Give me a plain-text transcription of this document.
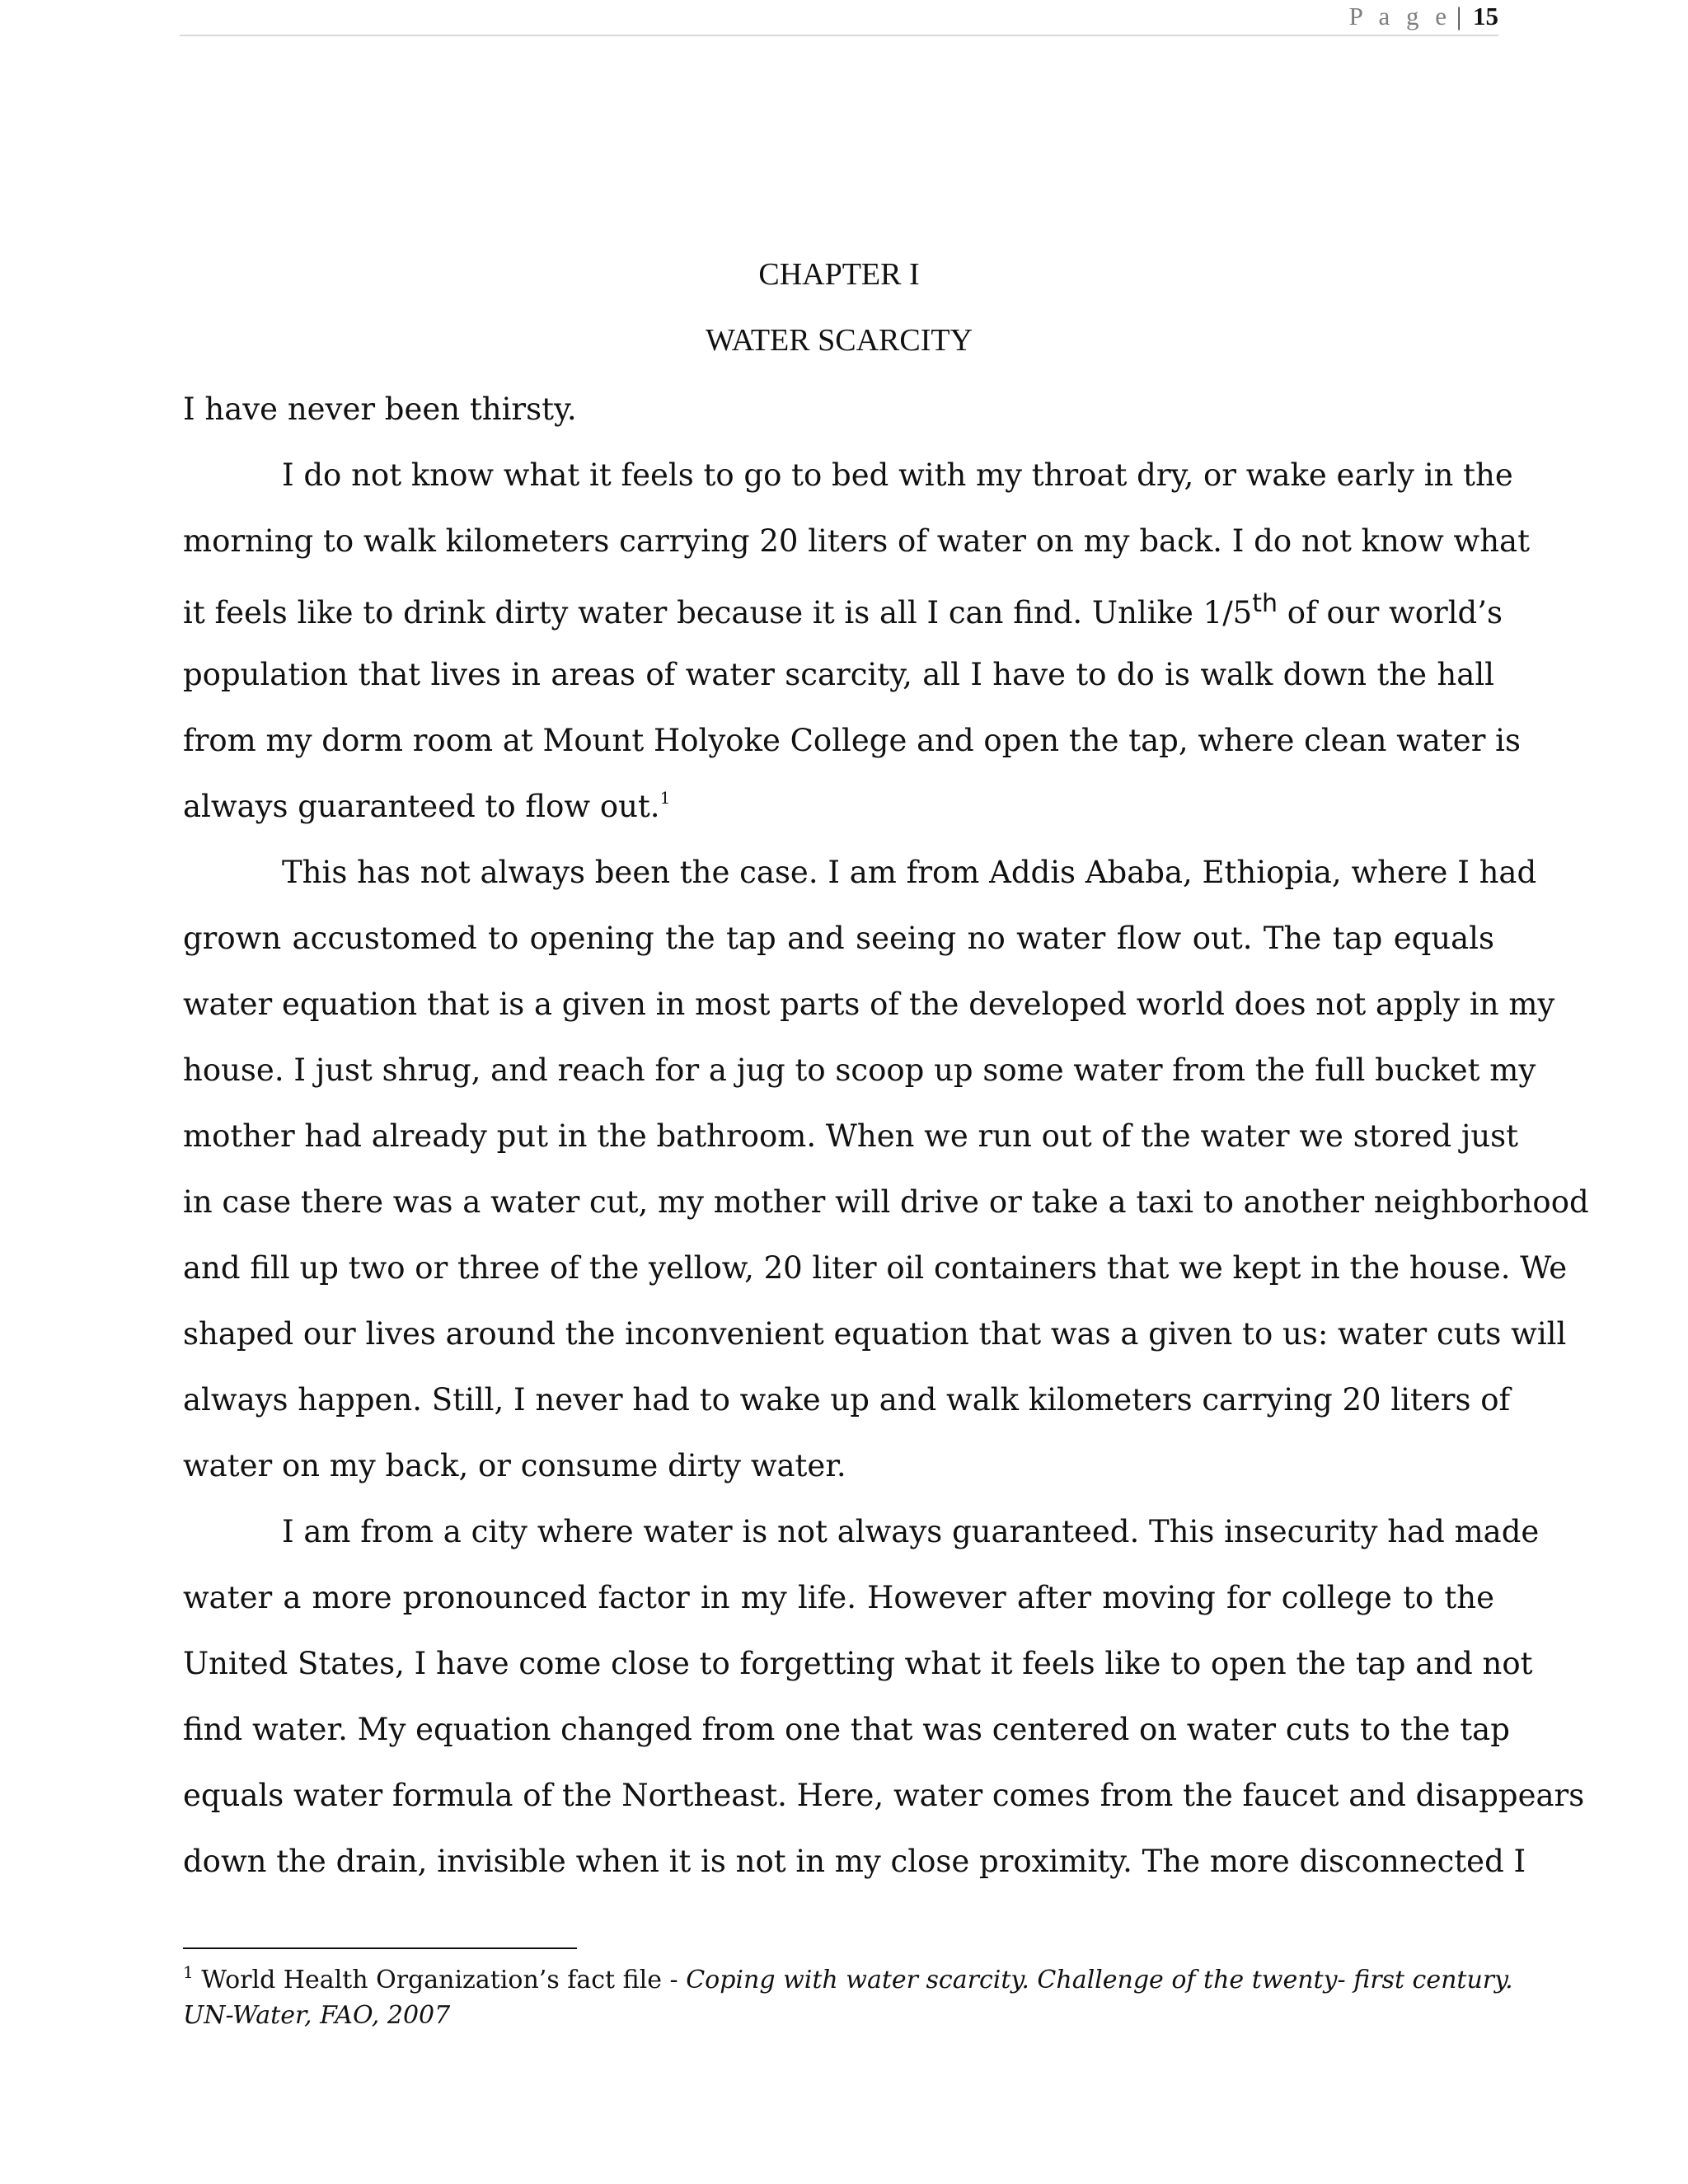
P a g e | 15
CHAPTER I
WATER SCARCITY
I have never been thirsty.
I do not know what it feels to go to bed with my throat dry, or wake early in the
morning to walk kilometers carrying 20 liters of water on my back. I do not know what
it feels like to drink dirty water because it is all I can find. Unlike 1/5th of our world’s
population that lives in areas of water scarcity, all I have to do is walk down the hall
from my dorm room at Mount Holyoke College and open the tap, where clean water is
always guaranteed to flow out.$^1$
This has not always been the case. I am from Addis Ababa, Ethiopia, where I had
grown accustomed to opening the tap and seeing no water flow out. The tap equals
water equation that is a given in most parts of the developed world does not apply in my
house. I just shrug, and reach for a jug to scoop up some water from the full bucket my
mother had already put in the bathroom. When we run out of the water we stored just
in case there was a water cut, my mother will drive or take a taxi to another neighborhood
and fill up two or three of the yellow, 20 liter oil containers that we kept in the house. We
shaped our lives around the inconvenient equation that was a given to us: water cuts will
always happen. Still, I never had to wake up and walk kilometers carrying 20 liters of
water on my back, or consume dirty water.
I am from a city where water is not always guaranteed. This insecurity had made
water a more pronounced factor in my life. However after moving for college to the
United States, I have come close to forgetting what it feels like to open the tap and not
find water. My equation changed from one that was centered on water cuts to the tap
equals water formula of the Northeast. Here, water comes from the faucet and disappears
down the drain, invisible when it is not in my close proximity. The more disconnected I
$^1$ World Health Organization’s fact file - Coping with water scarcity. Challenge of the twenty- first century.
UN-Water, FAO, 2007
